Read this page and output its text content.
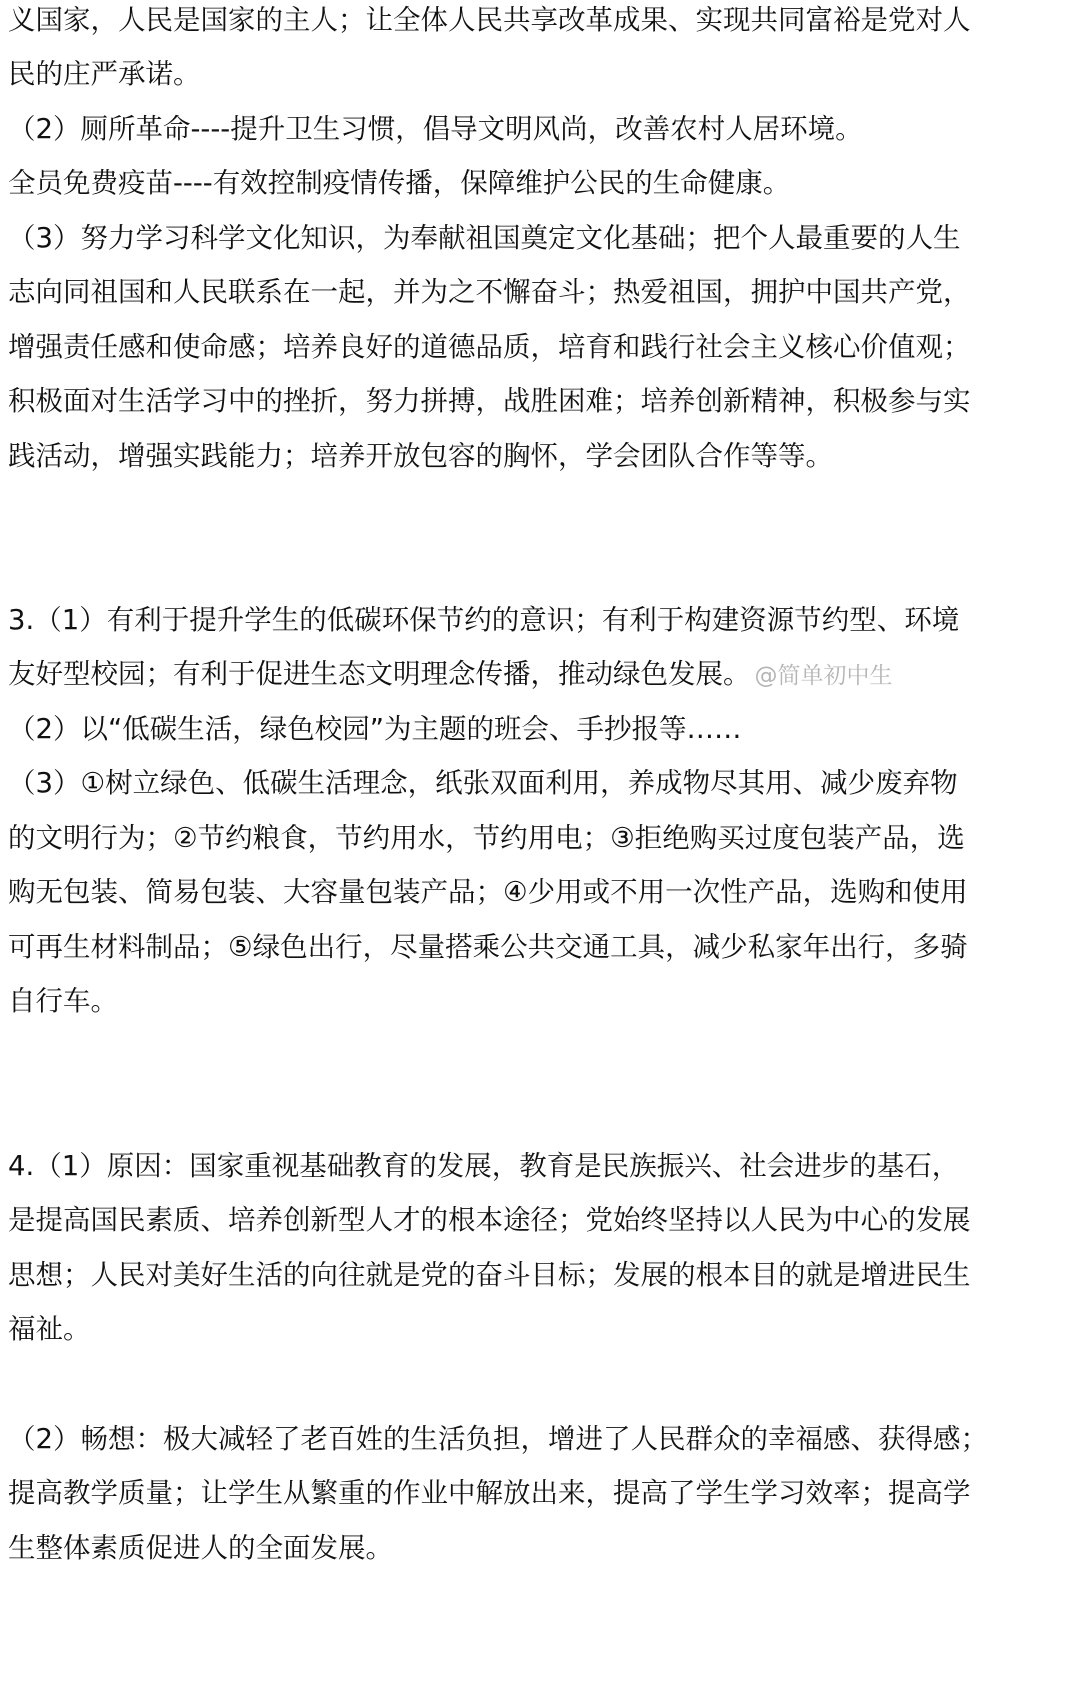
义国家，人民是国家的主人；让全体人民共享改革成果、实现共同富裕是党对人
民的庄严承诺。
（2）厕所革命----提升卫生习惯，倡导文明风尚，改善农村人居环境。
全员免费疫苗----有效控制疫情传播，保障维护公民的生命健康。
（3）努力学习科学文化知识，为奉献祖国奠定文化基础；把个人最重要的人生
志向同祖国和人民联系在一起，并为之不懈奋斗；热爱祖国，拥护中国共产党，
增强责任感和使命感；培养良好的道德品质，培育和践行社会主义核心价值观；
积极面对生活学习中的挫折，努力拼搏，战胜困难；培养创新精神，积极参与实
践活动，增强实践能力；培养开放包容的胸怀，学会团队合作等等。
3.（1）有利于提升学生的低碳环保节约的意识；有利于构建资源节约型、环境
友好型校园；有利于促进生态文明理念传播，推动绿色发展。 @简单初中生
（2）以“低碳生活，绿色校园”为主题的班会、手抄报等……
（3）①树立绿色、低碳生活理念，纸张双面利用，养成物尽其用、减少废弃物
的文明行为；②节约粮食，节约用水，节约用电；③拒绝购买过度包装产品，选
购无包装、简易包装、大容量包装产品；④少用或不用一次性产品，选购和使用
可再生材料制品；⑤绿色出行，尽量搭乘公共交通工具，减少私家年出行，多骑
自行车。
4.（1）原因：国家重视基础教育的发展，教育是民族振兴、社会进步的基石，
是提高国民素质、培养创新型人才的根本途径；党始终坚持以人民为中心的发展
思想；人民对美好生活的向往就是党的奋斗目标；发展的根本目的就是增进民生
福祉。
（2）畅想：极大减轻了老百姓的生活负担，增进了人民群众的幸福感、获得感；
提高教学质量；让学生从繁重的作业中解放出来，提高了学生学习效率；提高学
生整体素质促进人的全面发展。
